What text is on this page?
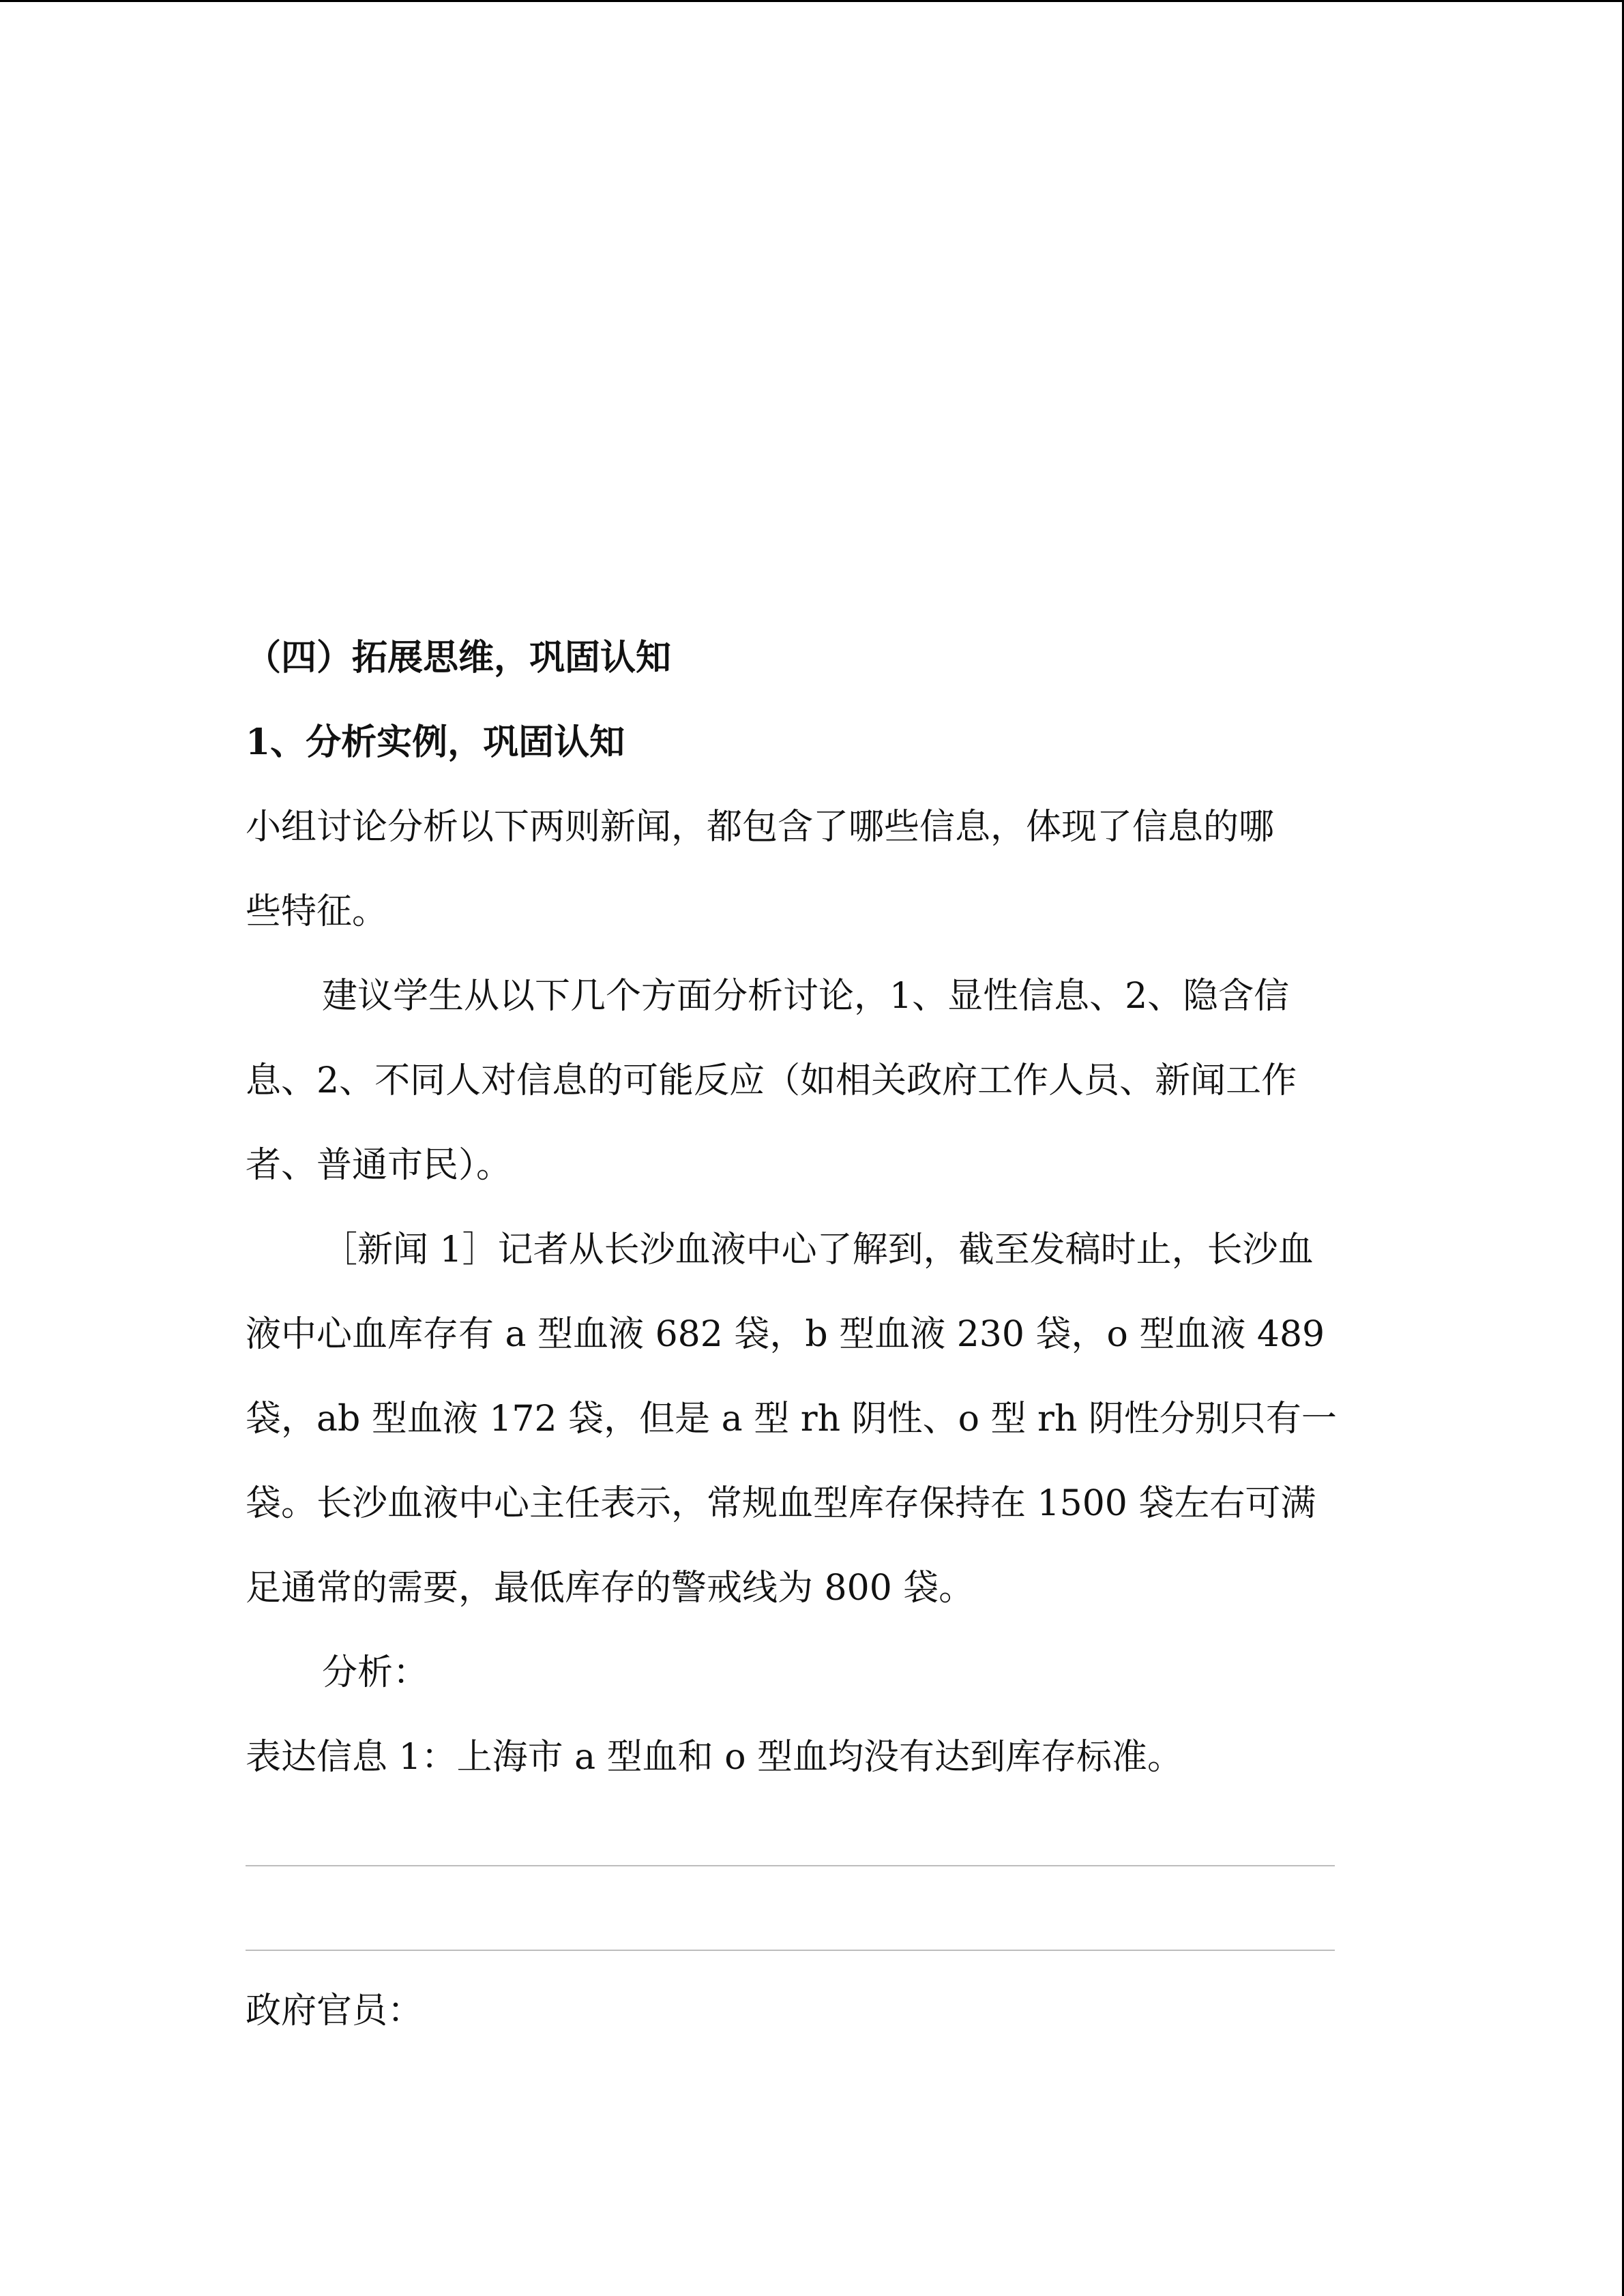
（四）拓展思维，巩固认知

1、分析实例，巩固认知

小组讨论分析以下两则新闻，都包含了哪些信息，体现了信息的哪

些特征。

建议学生从以下几个方面分析讨论，1、显性信息、2、隐含信

息、2、不同人对信息的可能反应（如相关政府工作人员、新闻工作

者、普通市民）。

［新闻 1］记者从长沙血液中心了解到，截至发稿时止，长沙血

液中心血库存有 a 型血液 682 袋，b 型血液 230 袋，o 型血液 489

袋，ab 型血液 172 袋，但是 a 型 rh 阴性、o 型 rh 阴性分别只有一

袋。长沙血液中心主任表示，常规血型库存保持在 1500 袋左右可满

足通常的需要，最低库存的警戒线为 800 袋。

分析：

表达信息 1：上海市 a 型血和 o 型血均没有达到库存标准。

政府官员：
